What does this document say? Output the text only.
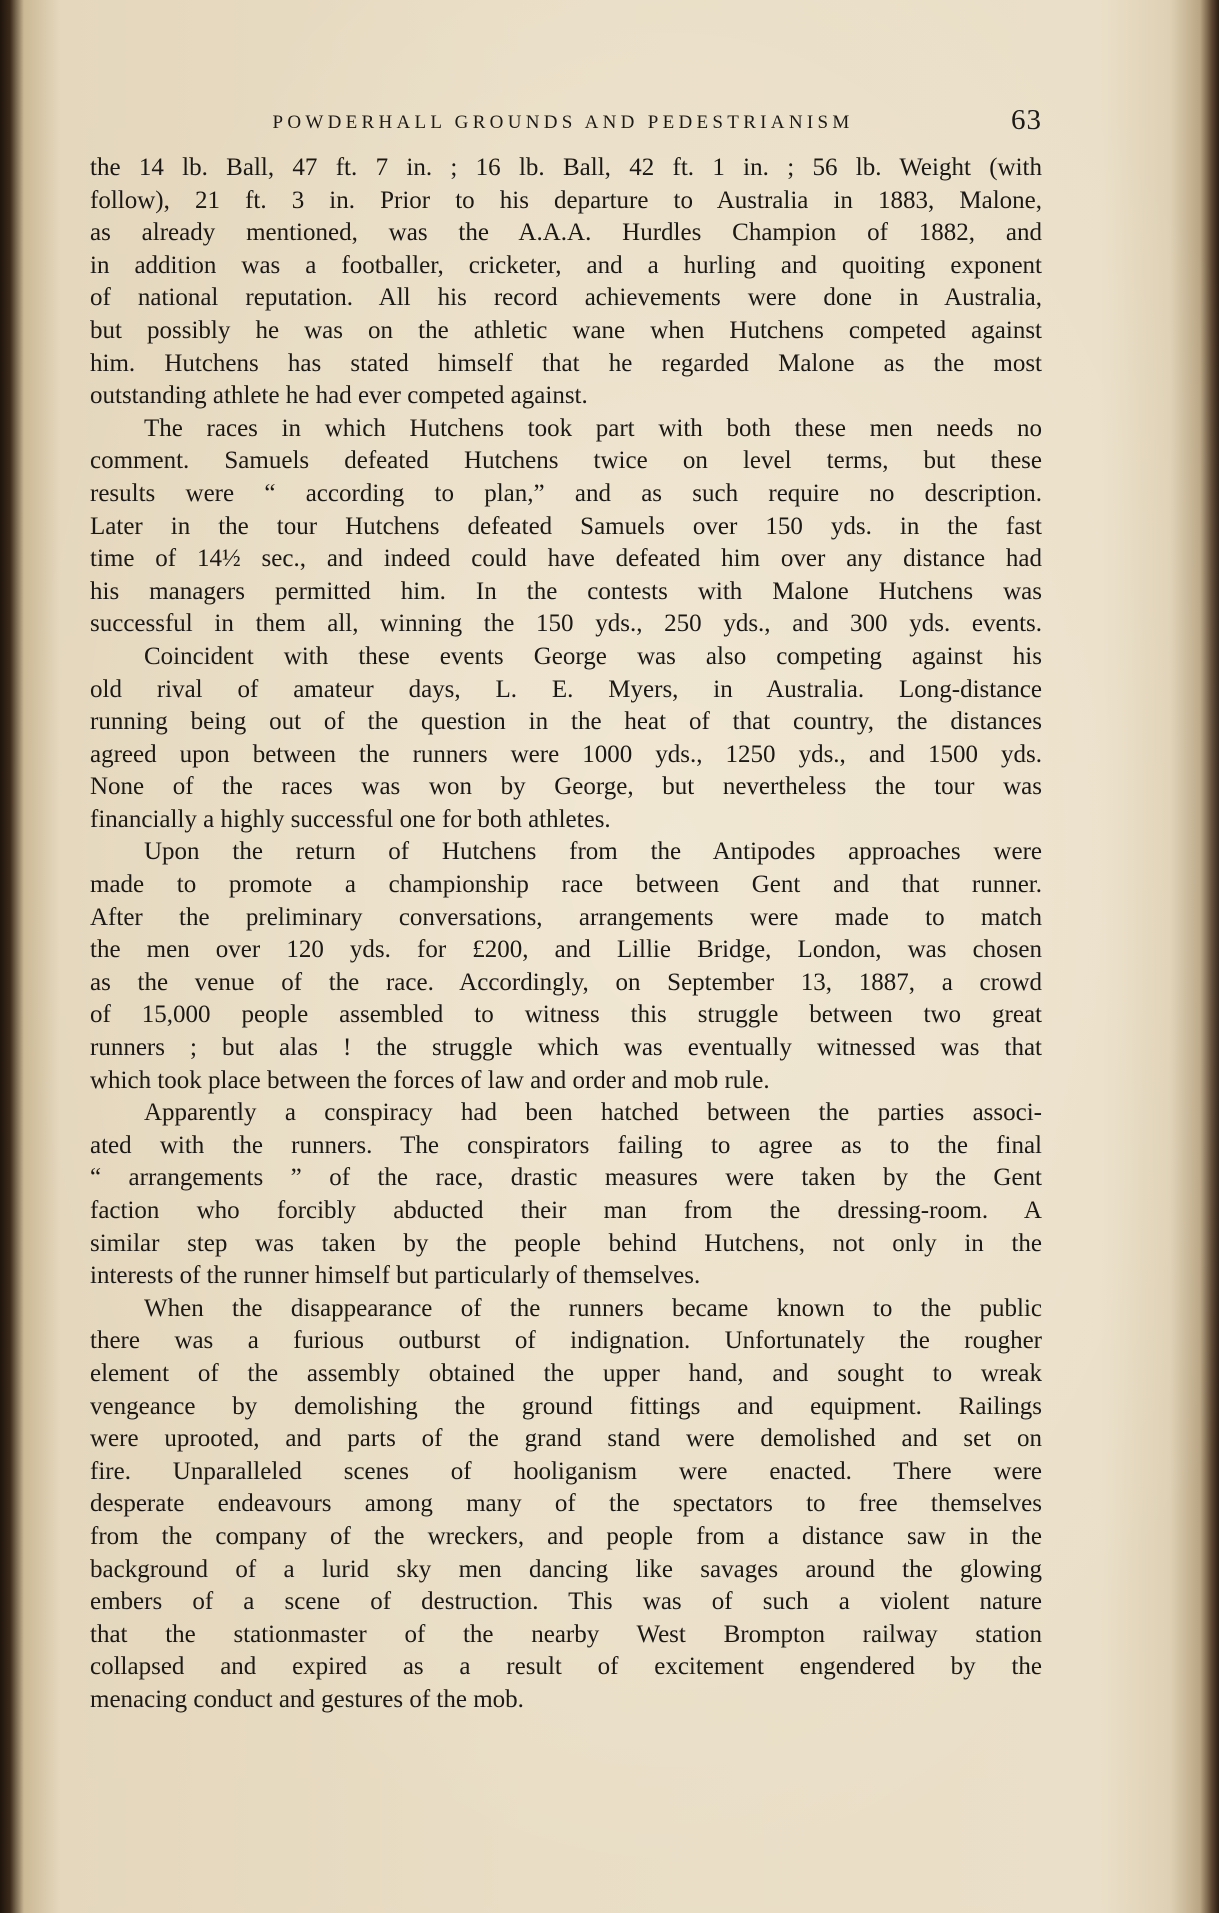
POWDERHALL GROUNDS AND PEDESTRIANISM	63
the 14 lb. Ball, 47 ft. 7 in. ; 16 lb. Ball, 42 ft. 1 in. ; 56 lb. Weight (with
follow), 21 ft. 3 in. Prior to his departure to Australia in 1883, Malone,
as already mentioned, was the A.A.A. Hurdles Champion of 1882, and
in addition was a footballer, cricketer, and a hurling and quoiting exponent
of national reputation. All his record achievements were done in Australia,
but possibly he was on the athletic wane when Hutchens competed against
him. Hutchens has stated himself that he regarded Malone as the most
outstanding athlete he had ever competed against.
The races in which Hutchens took part with both these men needs no
comment. Samuels defeated Hutchens twice on level terms, but these
results were “ according to plan,” and as such require no description.
Later in the tour Hutchens defeated Samuels over 150 yds. in the fast
time of 14½ sec., and indeed could have defeated him over any distance had
his managers permitted him. In the contests with Malone Hutchens was
successful in them all, winning the 150 yds., 250 yds., and 300 yds. events.
Coincident with these events George was also competing against his
old rival of amateur days, L. E. Myers, in Australia. Long-distance
running being out of the question in the heat of that country, the distances
agreed upon between the runners were 1000 yds., 1250 yds., and 1500 yds.
None of the races was won by George, but nevertheless the tour was
financially a highly successful one for both athletes.
Upon the return of Hutchens from the Antipodes approaches were
made to promote a championship race between Gent and that runner.
After the preliminary conversations, arrangements were made to match
the men over 120 yds. for £200, and Lillie Bridge, London, was chosen
as the venue of the race. Accordingly, on September 13, 1887, a crowd
of 15,000 people assembled to witness this struggle between two great
runners ; but alas ! the struggle which was eventually witnessed was that
which took place between the forces of law and order and mob rule.
Apparently a conspiracy had been hatched between the parties associ-
ated with the runners. The conspirators failing to agree as to the final
“ arrangements ” of the race, drastic measures were taken by the Gent
faction who forcibly abducted their man from the dressing-room. A
similar step was taken by the people behind Hutchens, not only in the
interests of the runner himself but particularly of themselves.
When the disappearance of the runners became known to the public
there was a furious outburst of indignation. Unfortunately the rougher
element of the assembly obtained the upper hand, and sought to wreak
vengeance by demolishing the ground fittings and equipment. Railings
were uprooted, and parts of the grand stand were demolished and set on
fire. Unparalleled scenes of hooliganism were enacted. There were
desperate endeavours among many of the spectators to free themselves
from the company of the wreckers, and people from a distance saw in the
background of a lurid sky men dancing like savages around the glowing
embers of a scene of destruction. This was of such a violent nature
that the stationmaster of the nearby West Brompton railway station
collapsed and expired as a result of excitement engendered by the
menacing conduct and gestures of the mob.
